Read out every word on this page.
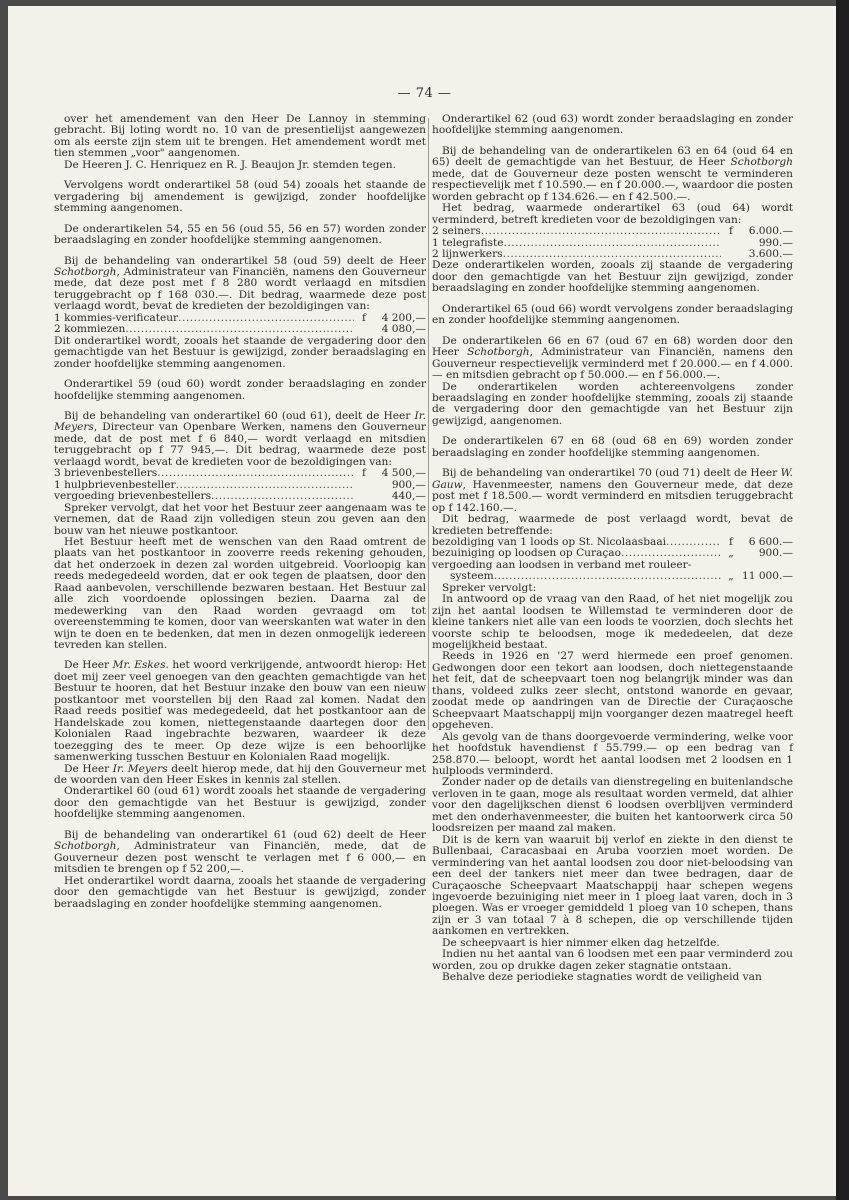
— 74 —

over het amendement van den Heer De Lannoy in stemming gebracht. Bij loting wordt no. 10 van de presentielijst aangewezen om als eerste zijn stem uit te brengen. Het amendement wordt met tien stemmen „voor" aangenomen.

De Heeren J. C. Henriquez en R. J. Beaujon Jr. stemden tegen.

Vervolgens wordt onderartikel 58 (oud 54) zooals het staande de vergadering bij amendement is gewijzigd, zonder hoofdelijke stemming aangenomen.

De onderartikelen 54, 55 en 56 (oud 55, 56 en 57) worden zonder beraadslaging en zonder hoofdelijke stemming aangenomen.

Bij de behandeling van onderartikel 58 (oud 59) deelt de Heer Schotborgh, Administrateur van Financiën, namens den Gouverneur mede, dat deze post met f 8 280 wordt verlaagd en mitsdien teruggebracht op f 168 030.—. Dit bedrag, waarmede deze post verlaagd wordt, bevat de kredieten der bezoldigingen van:

1 kommies-verificateur .....	f	4 200,—
2 kommiezen .....	4 080,—

Dit onderartikel wordt, zooals het staande de vergadering door den gemachtigde van het Bestuur is gewijzigd, zonder beraadslaging en zonder hoofdelijke stemming aangenomen.

Onderartikel 59 (oud 60) wordt zonder beraadslaging en zonder hoofdelijke stemming aangenomen.

Bij de behandeling van onderartikel 60 (oud 61), deelt de Heer Ir. Meyers, Directeur van Openbare Werken, namens den Gouverneur mede, dat de post met f 6 840,— wordt verlaagd en mitsdien teruggebracht op f 77 945,—. Dit bedrag, waarmede deze post verlaagd wordt, bevat de kredieten voor de bezoldigingen van:

3 brievenbestellers .....	f	4 500,—
1 hulpbrievenbesteller .....	900,—
vergoeding brievenbestellers .....	440,—

Spreker vervolgt, dat het voor het Bestuur zeer aangenaam was te vernemen, dat de Raad zijn volledigen steun zou geven aan den bouw van het nieuwe postkantoor.

Het Bestuur heeft met de wenschen van den Raad omtrent de plaats van het postkantoor in zooverre reeds rekening gehouden, dat het onderzoek in dezen zal worden uitgebreid. Voorloopig kan reeds medegedeeld worden, dat er ook tegen de plaatsen, door den Raad aanbevolen, verschillende bezwaren bestaan. Het Bestuur zal alle zich voordoende oplossingen bezien. Daarna zal de medewerking van den Raad worden gevraagd om tot overeenstemming te komen, door van weerskanten wat water in den wijn te doen en te bedenken, dat men in dezen onmogelijk iedereen tevreden kan stellen.

De Heer Mr. Eskes. het woord verkrijgende, antwoordt hierop: Het doet mij zeer veel genoegen van den geachten gemachtigde van het Bestuur te hooren, dat het Bestuur inzake den bouw van een nieuw postkantoor met voorstellen bij den Raad zal komen. Nadat den Raad reeds positief was medegedeeld, dat het postkantoor aan de Handelskade zou komen, niettegenstaande daartegen door den Kolonialen Raad ingebrachte bezwaren, waardeer ik deze toezegging des te meer. Op deze wijze is een behoorlijke samenwerking tusschen Bestuur en Kolonialen Raad mogelijk.

De Heer Ir. Meyers deelt hierop mede, dat hij den Gouverneur met de woorden van den Heer Eskes in kennis zal stellen.

Onderartikel 60 (oud 61) wordt zooals het staande de vergadering door den gemachtigde van het Bestuur is gewijzigd, zonder hoofdelijke stemming aangenomen.

Bij de behandeling van onderartikel 61 (oud 62) deelt de Heer Schotborgh, Administrateur van Financiën, mede, dat de Gouverneur dezen post wenscht te verlagen met f 6 000,— en mitsdien te brengen op f 52 200,—.

Het onderartikel wordt daarna, zooals het staande de vergadering door den gemachtigde van het Bestuur is gewijzigd, zonder beraadslaging en zonder hoofdelijke stemming aangenomen.

Onderartikel 62 (oud 63) wordt zonder beraadslaging en zonder hoofdelijke stemming aangenomen.

Bij de behandeling van de onderartikelen 63 en 64 (oud 64 en 65) deelt de gemachtigde van het Bestuur, de Heer Schotborgh mede, dat de Gouverneur deze posten wenscht te verminderen respectievelijk met f 10.590.— en f 20.000.—, waardoor die posten worden gebracht op f 134.626.— en f 42.500.—.

Het bedrag, waarmede onderartikel 63 (oud 64) wordt verminderd, betreft kredieten voor de bezoldigingen van:

2 seiners .....	f	6.000.—
1 telegrafiste .....	990.—
2 lijnwerkers .....	3.600.—

Deze onderartikelen worden, zooals zij staande de vergadering door den gemachtigde van het Bestuur zijn gewijzigd, zonder beraadslaging en zonder hoofdelijke stemming aangenomen.

Onderartikel 65 (oud 66) wordt vervolgens zonder beraadslaging en zonder hoofdelijke stemming aangenomen.

De onderartikelen 66 en 67 (oud 67 en 68) worden door den Heer Schotborgh, Administrateur van Financiën, namens den Gouverneur respectievelijk verminderd met f 20.000.— en f 4.000.— en mitsdien gebracht op f 50.000.— en f 56.000.—.

De onderartikelen worden achtereenvolgens zonder beraadslaging en zonder hoofdelijke stemming, zooals zij staande de vergadering door den gemachtigde van het Bestuur zijn gewijzigd, aangenomen.

De onderartikelen 67 en 68 (oud 68 en 69) worden zonder beraadslaging en zonder hoofdelijke stemming aangenomen.

Bij de behandeling van onderartikel 70 (oud 71) deelt de Heer W. Gauw, Havenmeester, namens den Gouverneur mede, dat deze post met f 18.500.— wordt verminderd en mitsdien teruggebracht op f 142.160.—.

Dit bedrag, waarmede de post verlaagd wordt, bevat de kredieten betreffende:

bezoldiging van 1 loods op St. Nicolaasbaai .....	f	6 600.—
bezuiniging op loodsen op Curaçao .....	„	900.—

vergoeding aan loodsen in verband met rouleer-

systeem .....	„ 11 000.—

Spreker vervolgt:

In antwoord op de vraag van den Raad, of het niet mogelijk zou zijn het aantal loodsen te Willemstad te verminderen door de kleine tankers niet alle van een loods te voorzien, doch slechts het voorste schip te beloodsen, moge ik mededeelen, dat deze mogelijkheid bestaat.

Reeds in 1926 en '27 werd hiermede een proef genomen. Gedwongen door een tekort aan loodsen, doch niettegenstaande het feit, dat de scheepvaart toen nog belangrijk minder was dan thans, voldeed zulks zeer slecht, ontstond wanorde en gevaar, zoodat mede op aandringen van de Directie der Curaçaosche Scheepvaart Maatschappij mijn voorganger dezen maatregel heeft opgeheven.

Als gevolg van de thans doorgevoerde vermindering, welke voor het hoofdstuk havendienst f 55.799.— op een bedrag van f 258.870.— beloopt, wordt het aantal loodsen met 2 loodsen en 1 hulploods verminderd.

Zonder nader op de details van dienstregeling en buitenlandsche verloven in te gaan, moge als resultaat worden vermeld, dat alhier voor den dagelijkschen dienst 6 loodsen overblijven verminderd met den onderhavenmeester, die buiten het kantoorwerk circa 50 loodsreizen per maand zal maken.

Dit is de kern van waaruit bij verlof en ziekte in den dienst te Bullenbaai, Caracasbaai en Aruba voorzien moet worden. De vermindering van het aantal loodsen zou door niet-beloodsing van een deel der tankers niet meer dan twee bedragen, daar de Curaçaosche Scheepvaart Maatschappij haar schepen wegens ingevoerde bezuiniging niet meer in 1 ploeg laat varen, doch in 3 ploegen. Was er vroeger gemiddeld 1 ploeg van 10 schepen, thans zijn er 3 van totaal 7 à 8 schepen, die op verschillende tijden aankomen en vertrekken.

De scheepvaart is hier nimmer elken dag hetzelfde.

Indien nu het aantal van 6 loodsen met een paar verminderd zou worden, zou op drukke dagen zeker stagnatie ontstaan.

Behalve deze periodieke stagnaties wordt de veiligheid van
